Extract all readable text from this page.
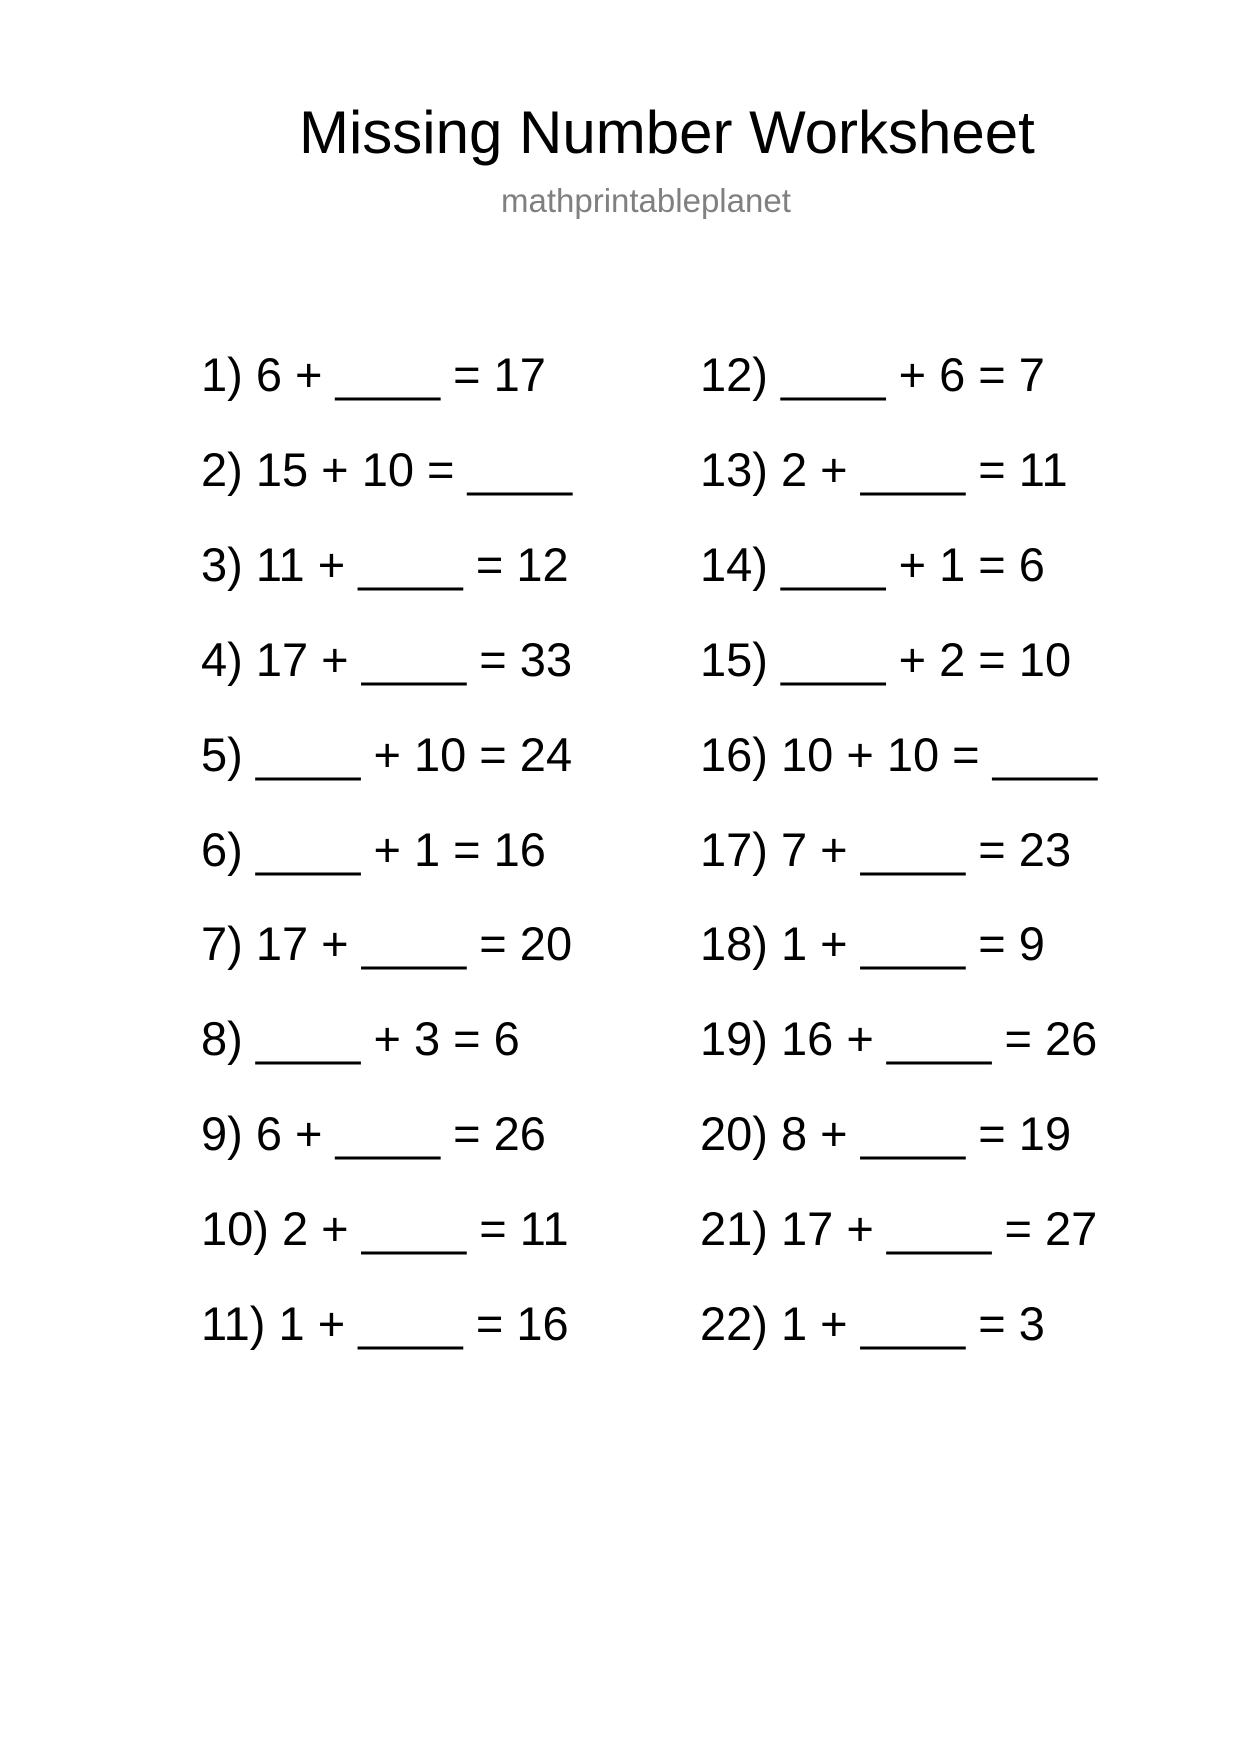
Missing Number Worksheet
mathprintableplanet
1) 6 + ____ = 17
2) 15 + 10 = ____
3) 11 + ____ = 12
4) 17 + ____ = 33
5) ____ + 10 = 24
6) ____ + 1 = 16
7) 17 + ____ = 20
8) ____ + 3 = 6
9) 6 + ____ = 26
10) 2 + ____ = 11
11) 1 + ____ = 16
12) ____ + 6 = 7
13) 2 + ____ = 11
14) ____ + 1 = 6
15) ____ + 2 = 10
16) 10 + 10 = ____
17) 7 + ____ = 23
18) 1 + ____ = 9
19) 16 + ____ = 26
20) 8 + ____ = 19
21) 17 + ____ = 27
22) 1 + ____ = 3
